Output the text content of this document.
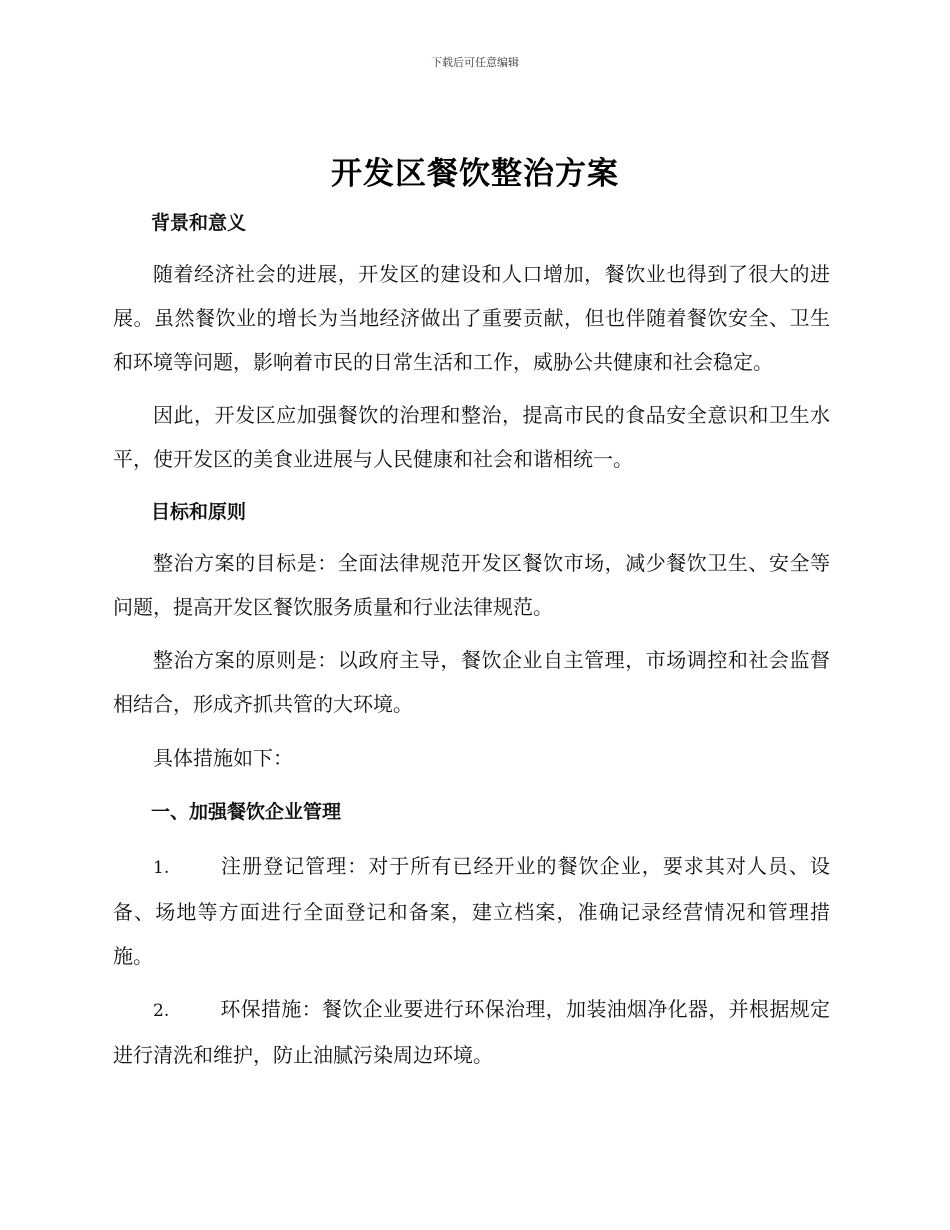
下载后可任意编辑
开发区餐饮整治方案

背景和意义

随着经济社会的进展，开发区的建设和人口增加，餐饮业也得到了很大的进展。虽然餐饮业的增长为当地经济做出了重要贡献，但也伴随着餐饮安全、卫生和环境等问题，影响着市民的日常生活和工作，威胁公共健康和社会稳定。

因此，开发区应加强餐饮的治理和整治，提高市民的食品安全意识和卫生水平，使开发区的美食业进展与人民健康和社会和谐相统一。

目标和原则

整治方案的目标是：全面法律规范开发区餐饮市场，减少餐饮卫生、安全等问题，提高开发区餐饮服务质量和行业法律规范。

整治方案的原则是：以政府主导，餐饮企业自主管理，市场调控和社会监督相结合，形成齐抓共管的大环境。

具体措施如下：

一、加强餐饮企业管理

1.	注册登记管理：对于所有已经开业的餐饮企业，要求其对人员、设备、场地等方面进行全面登记和备案，建立档案，准确记录经营情况和管理措施。

2.	环保措施：餐饮企业要进行环保治理，加装油烟净化器，并根据规定进行清洗和维护，防止油腻污染周边环境。
